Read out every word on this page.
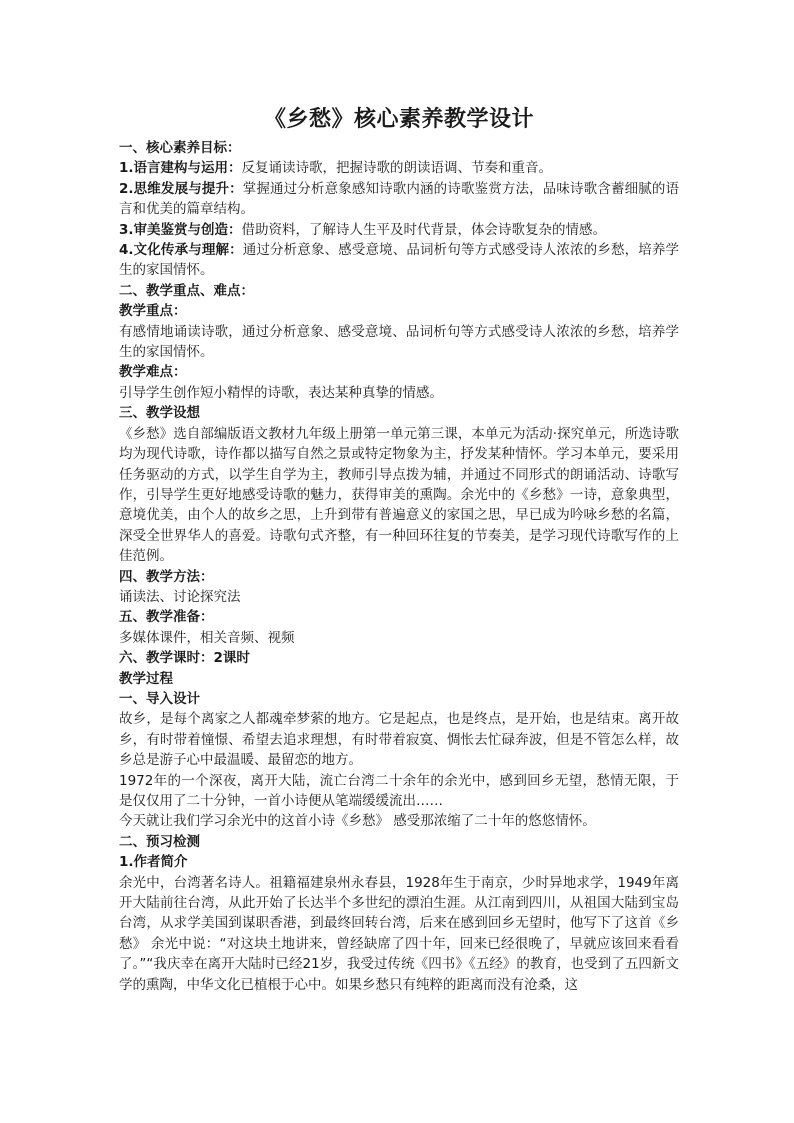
《乡愁》核心素养教学设计
一、核心素养目标：
1.语言建构与运用：反复诵读诗歌，把握诗歌的朗读语调、节奏和重音。
2.思维发展与提升：掌握通过分析意象感知诗歌内涵的诗歌鉴赏方法，品味诗歌含蓄细腻的语言和优美的篇章结构。
3.审美鉴赏与创造：借助资料，了解诗人生平及时代背景，体会诗歌复杂的情感。
4.文化传承与理解：通过分析意象、感受意境、品词析句等方式感受诗人浓浓的乡愁，培养学生的家国情怀。
二、教学重点、难点：
教学重点：
有感情地诵读诗歌，通过分析意象、感受意境、品词析句等方式感受诗人浓浓的乡愁，培养学生的家国情怀。
教学难点：
引导学生创作短小精悍的诗歌，表达某种真挚的情感。
三、教学设想
《乡愁》选自部编版语文教材九年级上册第一单元第三课，本单元为活动·探究单元，所选诗歌均为现代诗歌，诗作都以描写自然之景或特定物象为主，抒发某种情怀。学习本单元，要采用任务驱动的方式，以学生自学为主，教师引导点拨为辅，并通过不同形式的朗诵活动、诗歌写作，引导学生更好地感受诗歌的魅力，获得审美的熏陶。余光中的《乡愁》一诗，意象典型，意境优美，由个人的故乡之思，上升到带有普遍意义的家国之思，早已成为吟咏乡愁的名篇，深受全世界华人的喜爱。诗歌句式齐整，有一种回环往复的节奏美，是学习现代诗歌写作的上佳范例。
四、教学方法：
诵读法、讨论探究法
五、教学准备：
多媒体课件，相关音频、视频
六、教学课时：2课时
教学过程
一、导入设计
故乡，是每个离家之人都魂牵梦萦的地方。它是起点，也是终点，是开始，也是结束。离开故乡，有时带着憧憬、希望去追求理想，有时带着寂寞、惆怅去忙碌奔波，但是不管怎么样，故乡总是游子心中最温暖、最留恋的地方。
1972年的一个深夜，离开大陆，流亡台湾二十余年的余光中，感到回乡无望，愁情无限，于是仅仅用了二十分钟，一首小诗便从笔端缓缓流出……
今天就让我们学习余光中的这首小诗《乡愁》 感受那浓缩了二十年的悠悠情怀。
二、预习检测
1.作者简介
余光中，台湾著名诗人。祖籍福建泉州永春县，1928年生于南京，少时异地求学，1949年离开大陆前往台湾，从此开始了长达半个多世纪的漂泊生涯。从江南到四川，从祖国大陆到宝岛台湾，从求学美国到谋职香港，到最终回转台湾，后来在感到回乡无望时，他写下了这首《乡愁》 余光中说：“对这块土地讲来，曾经缺席了四十年，回来已经很晚了，早就应该回来看看了。”“我庆幸在离开大陆时已经21岁，我受过传统《四书》《五经》的教育，也受到了五四新文学的熏陶，中华文化已植根于心中。如果乡愁只有纯粹的距离而没有沧桑，这
